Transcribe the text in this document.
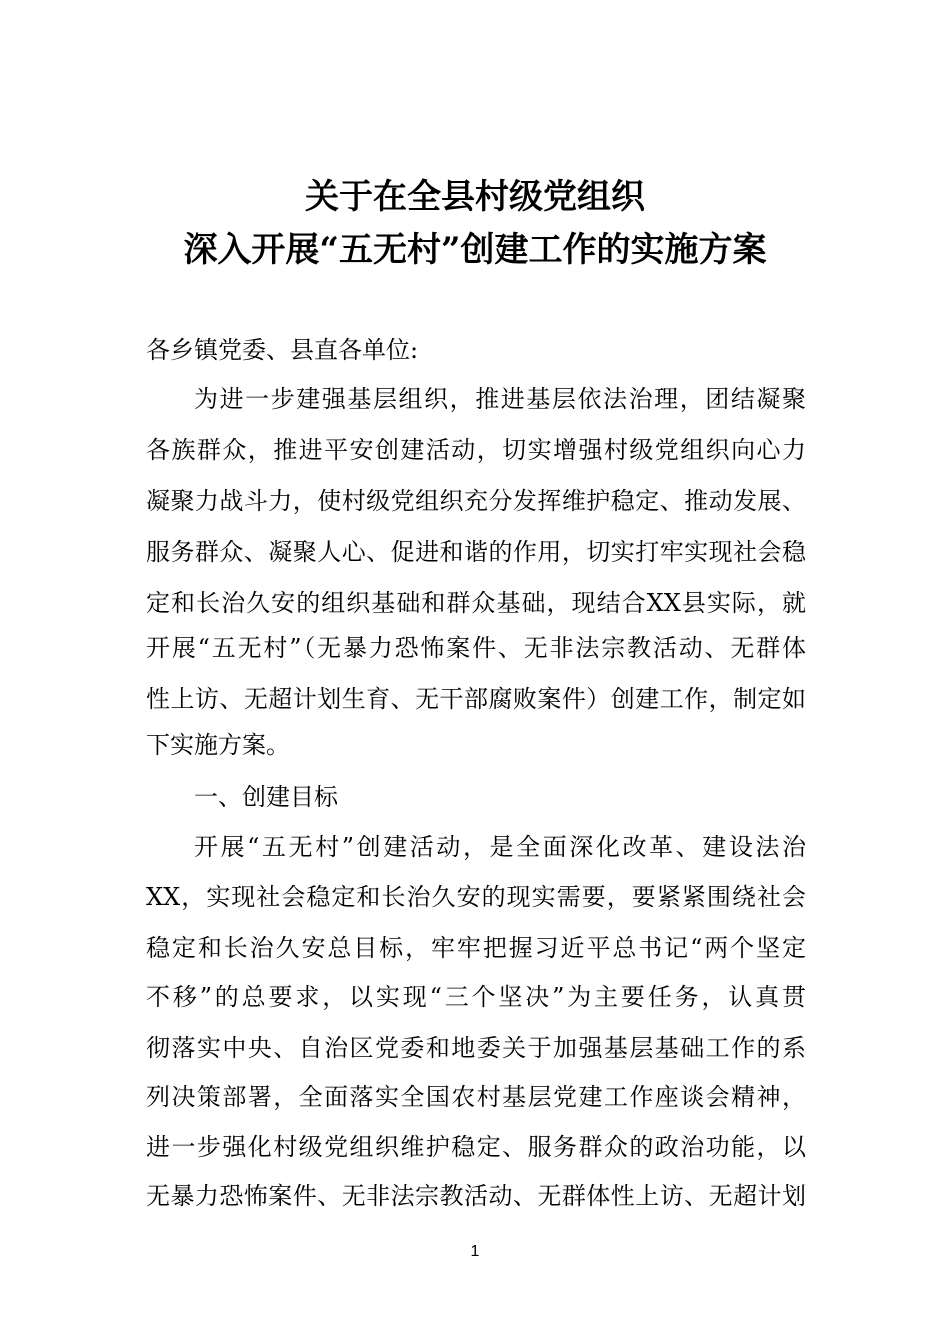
关于在全县村级党组织
深入开展“五无村”创建工作的实施方案
各乡镇党委、县直各单位:
为进一步建强基层组织，推进基层依法治理，团结凝聚
各族群众，推进平安创建活动，切实增强村级党组织向心力
凝聚力战斗力，使村级党组织充分发挥维护稳定、推动发展、
服务群众、凝聚人心、促进和谐的作用，切实打牢实现社会稳
定和长治久安的组织基础和群众基础，现结合XX县实际，就
开展“五无村”（无暴力恐怖案件、无非法宗教活动、无群体
性上访、无超计划生育、无干部腐败案件）创建工作，制定如
下实施方案。
一、创建目标
开展“五无村”创建活动，是全面深化改革、建设法治
XX，实现社会稳定和长治久安的现实需要，要紧紧围绕社会
稳定和长治久安总目标，牢牢把握习近平总书记“两个坚定
不移”的总要求，以实现“三个坚决”为主要任务，认真贯
彻落实中央、自治区党委和地委关于加强基层基础工作的系
列决策部署，全面落实全国农村基层党建工作座谈会精神，
进一步强化村级党组织维护稳定、服务群众的政治功能，以
无暴力恐怖案件、无非法宗教活动、无群体性上访、无超计划
1
